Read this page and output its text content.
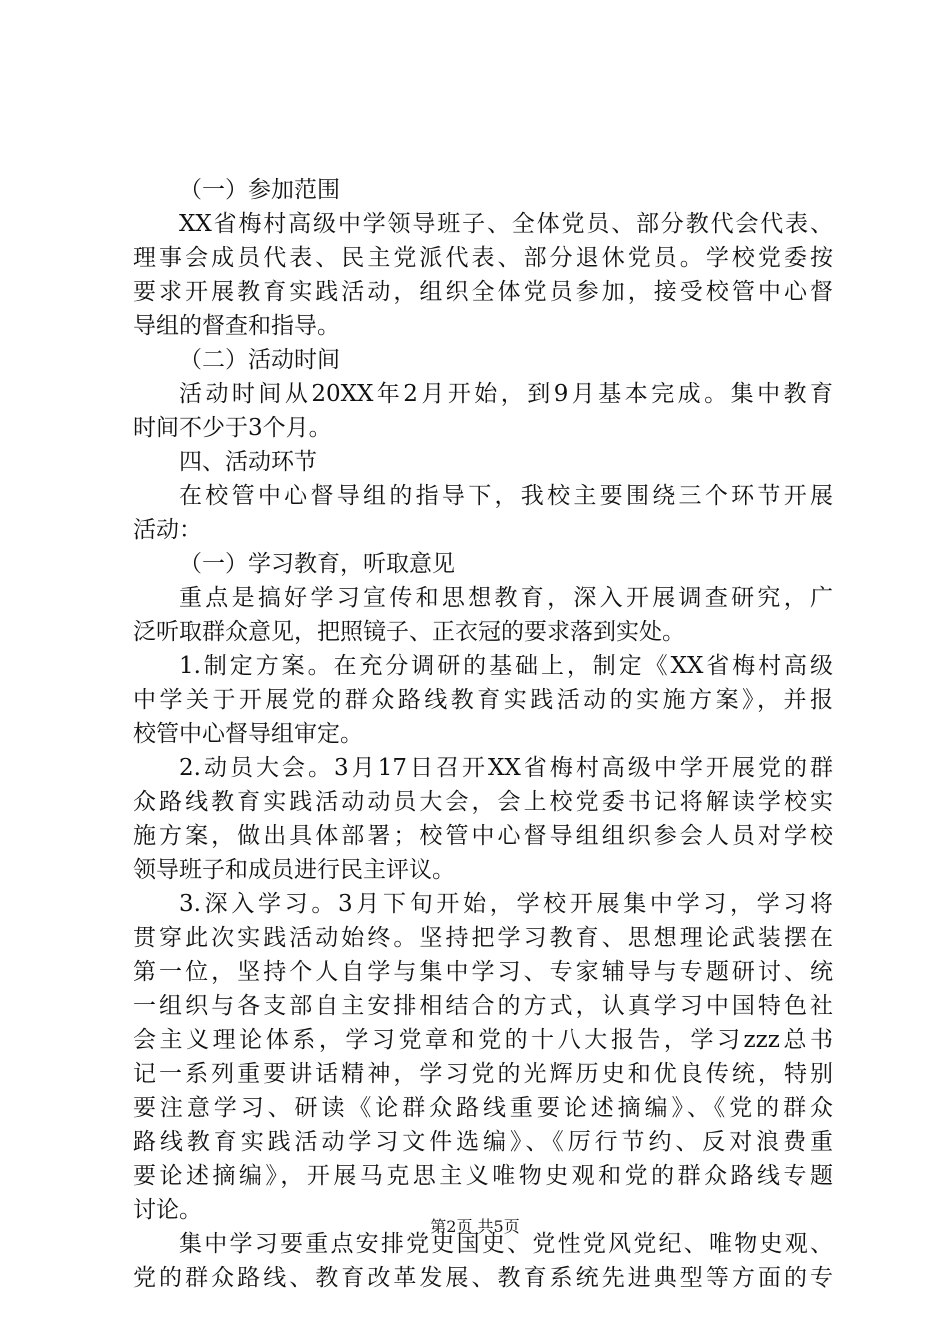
（一）参加范围
XX省梅村高级中学领导班子、全体党员、部分教代会代表、
理事会成员代表、民主党派代表、部分退休党员。学校党委按
要求开展教育实践活动，组织全体党员参加，接受校管中心督
导组的督查和指导。
（二）活动时间
活动时间从20XX年2月开始，到9月基本完成。集中教育
时间不少于3个月。
四、活动环节
在校管中心督导组的指导下，我校主要围绕三个环节开展
活动：
（一）学习教育，听取意见
重点是搞好学习宣传和思想教育，深入开展调查研究，广
泛听取群众意见，把照镜子、正衣冠的要求落到实处。
1.制定方案。在充分调研的基础上，制定《XX省梅村高级
中学关于开展党的群众路线教育实践活动的实施方案》，并报
校管中心督导组审定。
2.动员大会。3月17日召开XX省梅村高级中学开展党的群
众路线教育实践活动动员大会，会上校党委书记将解读学校实
施方案，做出具体部署；校管中心督导组组织参会人员对学校
领导班子和成员进行民主评议。
3.深入学习。3月下旬开始，学校开展集中学习，学习将
贯穿此次实践活动始终。坚持把学习教育、思想理论武装摆在
第一位，坚持个人自学与集中学习、专家辅导与专题研讨、统
一组织与各支部自主安排相结合的方式，认真学习中国特色社
会主义理论体系，学习党章和党的十八大报告，学习zzz总书
记一系列重要讲话精神，学习党的光辉历史和优良传统，特别
要注意学习、研读《论群众路线重要论述摘编》、《党的群众
路线教育实践活动学习文件选编》、《厉行节约、反对浪费重
要论述摘编》，开展马克思主义唯物史观和党的群众路线专题
讨论。
集中学习要重点安排党史国史、党性党风党纪、唯物史观、
党的群众路线、教育改革发展、教育系统先进典型等方面的专
第2页 共5页
